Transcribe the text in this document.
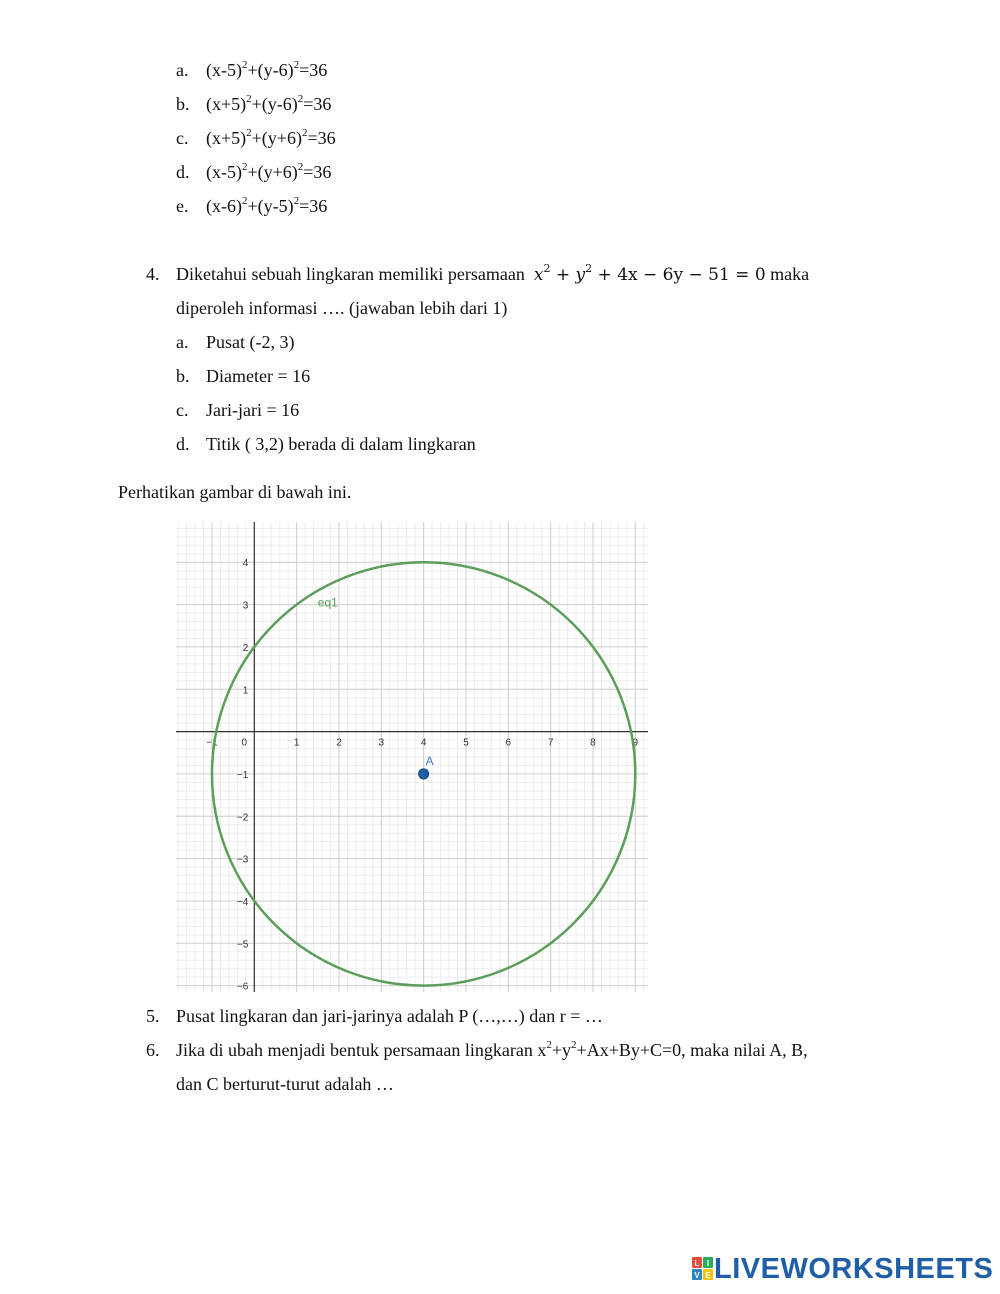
a. $(x-5)^2+(y-6)^2=36$
b. $(x+5)^2+(y-6)^2=36$
c. $(x+5)^2+(y+6)^2=36$
d. $(x-5)^2+(y+6)^2=36$
e. $(x-6)^2+(y-5)^2=36$
4. Diketahui sebuah lingkaran memiliki persamaan $x^2 + y^2 + 4x - 6y - 51 = 0$ maka
diperoleh informasi …. (jawaban lebih dari 1)
a. Pusat (-2, 3)
b. Diameter = 16
c. Jari-jari = 16
d. Titik ( 3,2) berada di dalam lingkaran
Perhatikan gambar di bawah ini.
−1 0	1	2	3	4	5	6	7	8	9
4
3
2
1
−1
−2
−3
−4
−5
−6
eq1
A
5. Pusat lingkaran dan jari-jarinya adalah P (…,…) dan r = …
6. Jika di ubah menjadi bentuk persamaan lingkaran $x^2+y^2+Ax+By+C=0$, maka nilai A, B,
dan C berturut-turut adalah …
L I
V E LIVEWORKSHEETS
